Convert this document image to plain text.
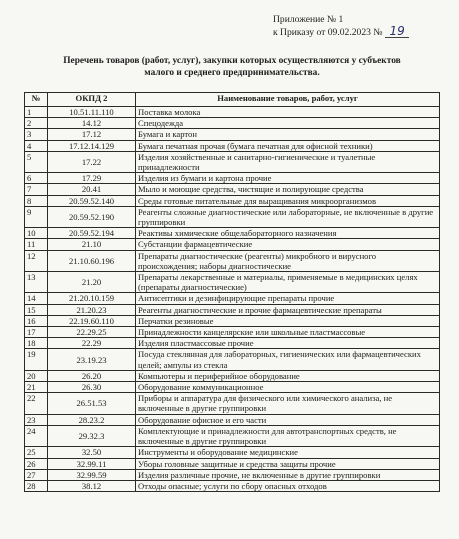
Приложение № 1
к Приказу от 09.02.2023 № 19
Перечень товаров (работ, услуг), закупки которых осуществляются у субъектов
малого и среднего предпринимательства.
№	ОКПД 2	Наименование товаров, работ, услуг
1	10.51.11.110	Поставка молока
2	14.12	Спецодежда
3	17.12	Бумага и картон
4	17.12.14.129	Бумага печатная прочая (бумага печатная для офисной техники)
5	17.22	Изделия хозяйственные и санитарно-гигиенические и туалетные принадлежности
6	17.29	Изделия из бумаги и картона прочие
7	20.41	Мыло и моющие средства, чистящие и полирующие средства
8	20.59.52.140	Среды готовые питательные для выращивания микроорганизмов
9	20.59.52.190	Реагенты сложные диагностические или лабораторные, не включенные в другие группировки
10	20.59.52.194	Реактивы химические общелабораторного назначения
11	21.10	Субстанции фармацевтические
12	21.10.60.196	Препараты диагностические (реагенты) микробного и вирусного происхождения; наборы диагностические
13	21.20	Препараты лекарственные и материалы, применяемые в медицинских целях (препараты диагностические)
14	21.20.10.159	Антисептики и дезинфицирующие препараты прочие
15	21.20.23	Реагенты диагностические и прочие фармацевтические препараты
16	22.19.60.110	Перчатки резиновые
17	22.29.25	Принадлежности канцелярские или школьные пластмассовые
18	22.29	Изделия пластмассовые прочие
19	23.19.23	Посуда стеклянная для лабораторных, гигиенических или фармацевтических целей; ампулы из стекла
20	26.20	Компьютеры и периферийное оборудование
21	26.30	Оборудование коммуникационное
22	26.51.53	Приборы и аппаратура для физического или химического анализа, не включенные в другие группировки
23	28.23.2	Оборудование офисное и его части
24	29.32.3	Комплектующие и принадлежности для автотранспортных средств, не включенные в другие группировки
25	32.50	Инструменты и оборудование медицинские
26	32.99.11	Уборы головные защитные и средства защиты прочие
27	32.99.59	Изделия различные прочие, не включенные в другие группировки
28	38.12	Отходы опасные; услуги по сбору опасных отходов
